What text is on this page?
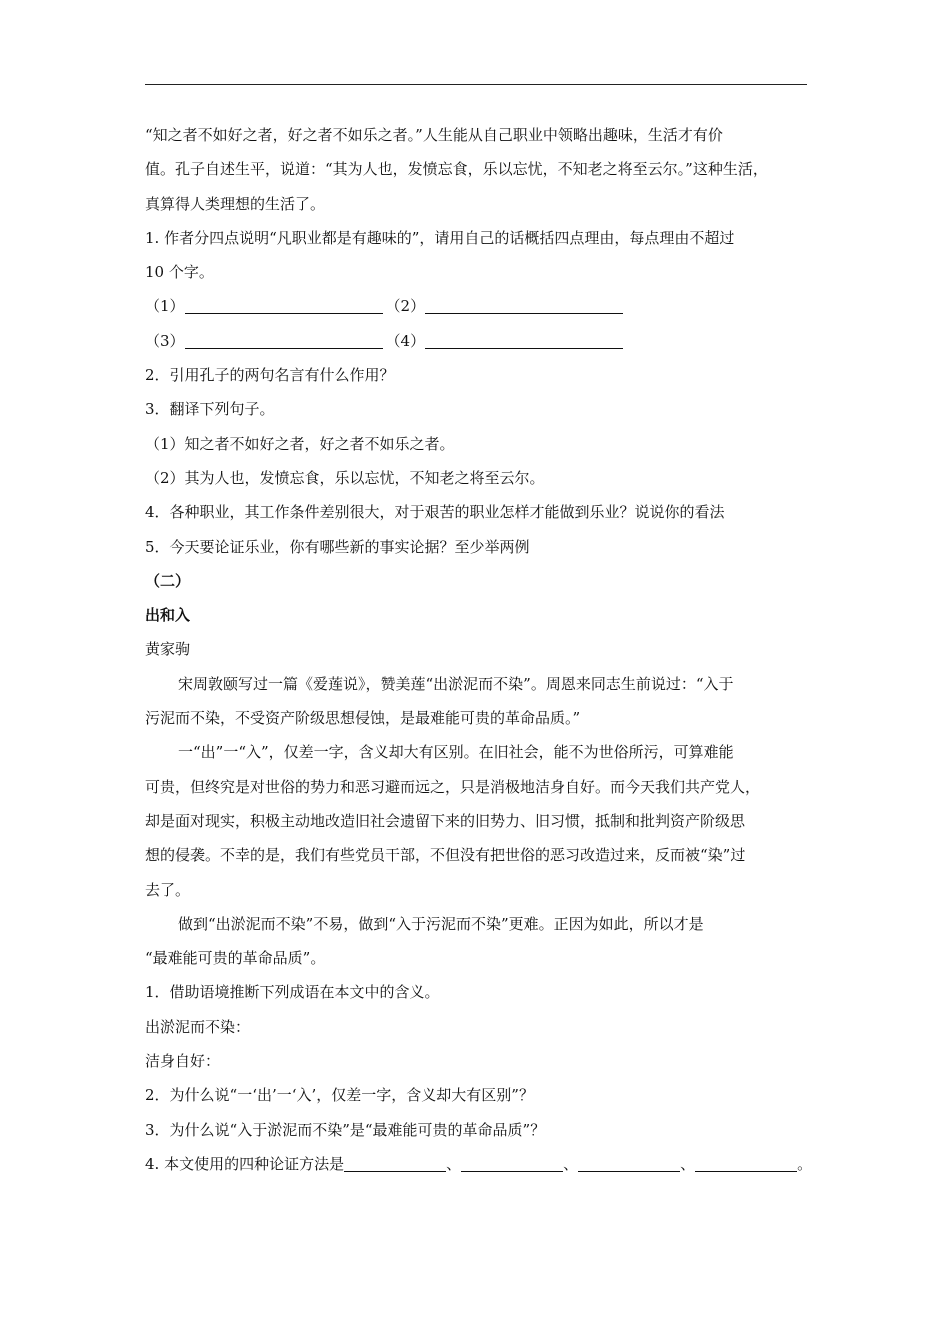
“知之者不如好之者，好之者不如乐之者。”人生能从自己职业中领略出趣味，生活才有价
值。孔子自述生平，说道：“其为人也，发愤忘食，乐以忘忧，不知老之将至云尔。”这种生活，
真算得人类理想的生活了。
1. 作者分四点说明“凡职业都是有趣味的”，请用自己的话概括四点理由，每点理由不超过
10 个字。
（1）	（2）
（3）	（4）
2．引用孔子的两句名言有什么作用？
3．翻译下列句子。
（1）知之者不如好之者，好之者不如乐之者。
（2）其为人也，发愤忘食，乐以忘忧，不知老之将至云尔。
4．各种职业，其工作条件差别很大，对于艰苦的职业怎样才能做到乐业？说说你的看法
5．今天要论证乐业，你有哪些新的事实论据？至少举两例
（二）
出和入
黄家驹
宋周敦颐写过一篇《爱莲说》，赞美莲“出淤泥而不染”。周恩来同志生前说过：“入于
污泥而不染，不受资产阶级思想侵蚀，是最难能可贵的革命品质。”
一“出”一“入”，仅差一字，含义却大有区别。在旧社会，能不为世俗所污，可算难能
可贵，但终究是对世俗的势力和恶习避而远之，只是消极地洁身自好。而今天我们共产党人，
却是面对现实，积极主动地改造旧社会遗留下来的旧势力、旧习惯，抵制和批判资产阶级思
想的侵袭。不幸的是，我们有些党员干部，不但没有把世俗的恶习改造过来，反而被“染”过
去了。
做到“出淤泥而不染”不易，做到“入于污泥而不染”更难。正因为如此，所以才是
“最难能可贵的革命品质”。
1．借助语境推断下列成语在本文中的含义。
出淤泥而不染：
洁身自好：
2．为什么说“一‘出’一‘入’，仅差一字，含义却大有区别”？
3．为什么说“入于淤泥而不染”是“最难能可贵的革命品质”？
4. 本文使用的四种论证方法是	、	、	、	。
